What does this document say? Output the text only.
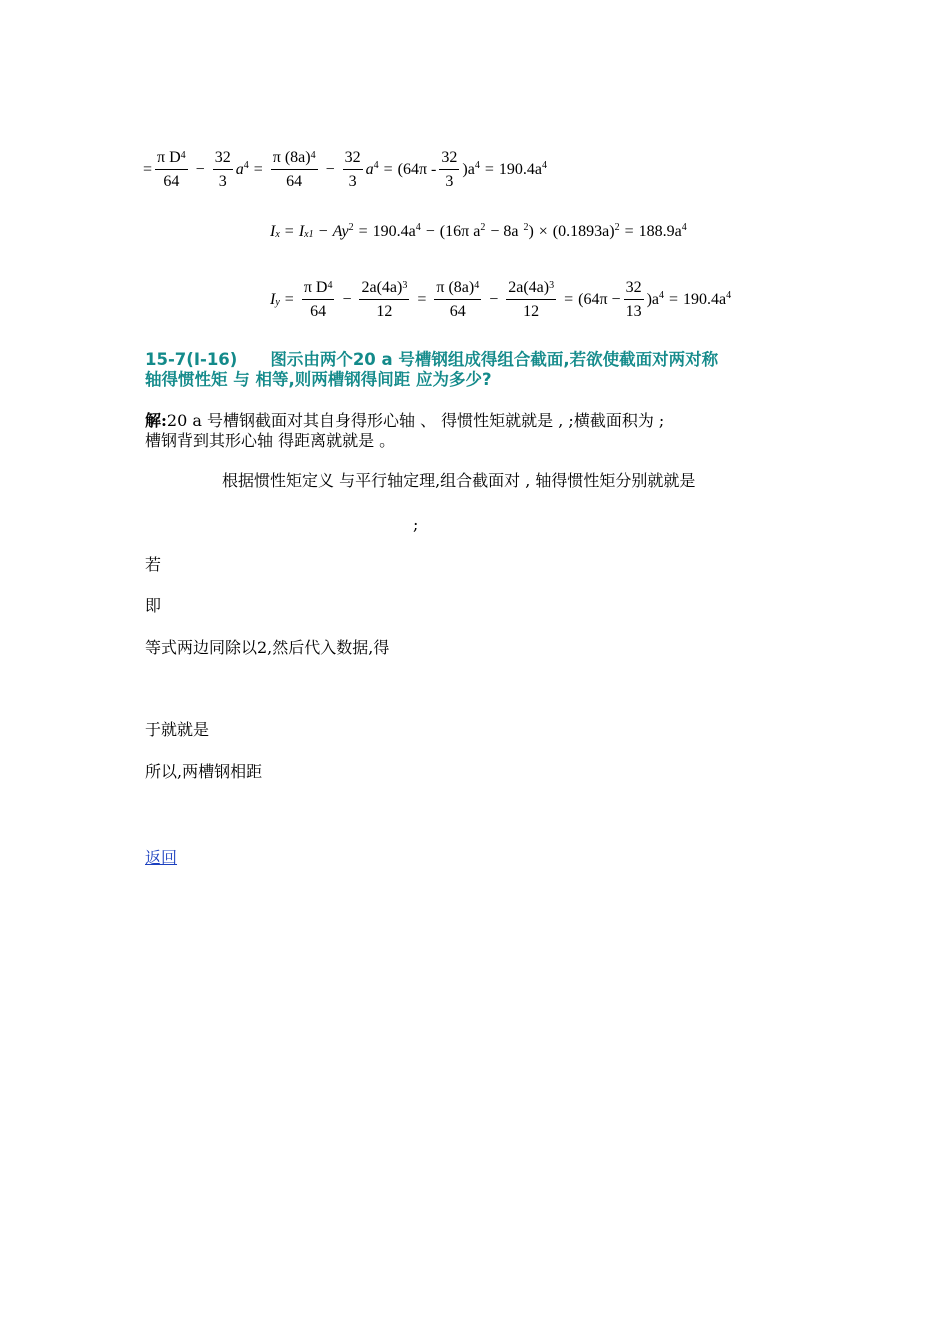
= $\frac{\pi D^4}{64} - \frac{32}{3} a^4 = \frac{\pi (8a)^4}{64} - \frac{32}{3} a^4 = (64\pi - \frac{32}{3} )a^4 = 190.4a^4$
$I_x = I_{x1} - Ay^2 = 190.4a^4 - (16\pi$ $a^2 - 8a$ $^2$ ) × $(0.1893a)^2 = 188.9a^4$
$I_y = \frac{\pi D^4}{64} - \frac{2a(4a)^3}{12} = \frac{\pi (8a)^4}{64} - \frac{2a(4a)^3}{12} = (64\pi - \frac{32}{13} )a^4 = 190.4a^4$
15-7(Ⅰ-16)　　图示由两个20 a 号槽钢组成得组合截面,若欲使截面对两对称
轴得惯性矩 与 相等,则两槽钢得间距 应为多少?
解:20 a 号槽钢截面对其自身得形心轴 、 得惯性矩就就是 , ;横截面积为 ;
槽钢背到其形心轴 得距离就就是 。
根据惯性矩定义 与平行轴定理,组合截面对 , 轴得惯性矩分别就就是
;
若
即
等式两边同除以2,然后代入数据,得
于就就是
所以,两槽钢相距
返回
